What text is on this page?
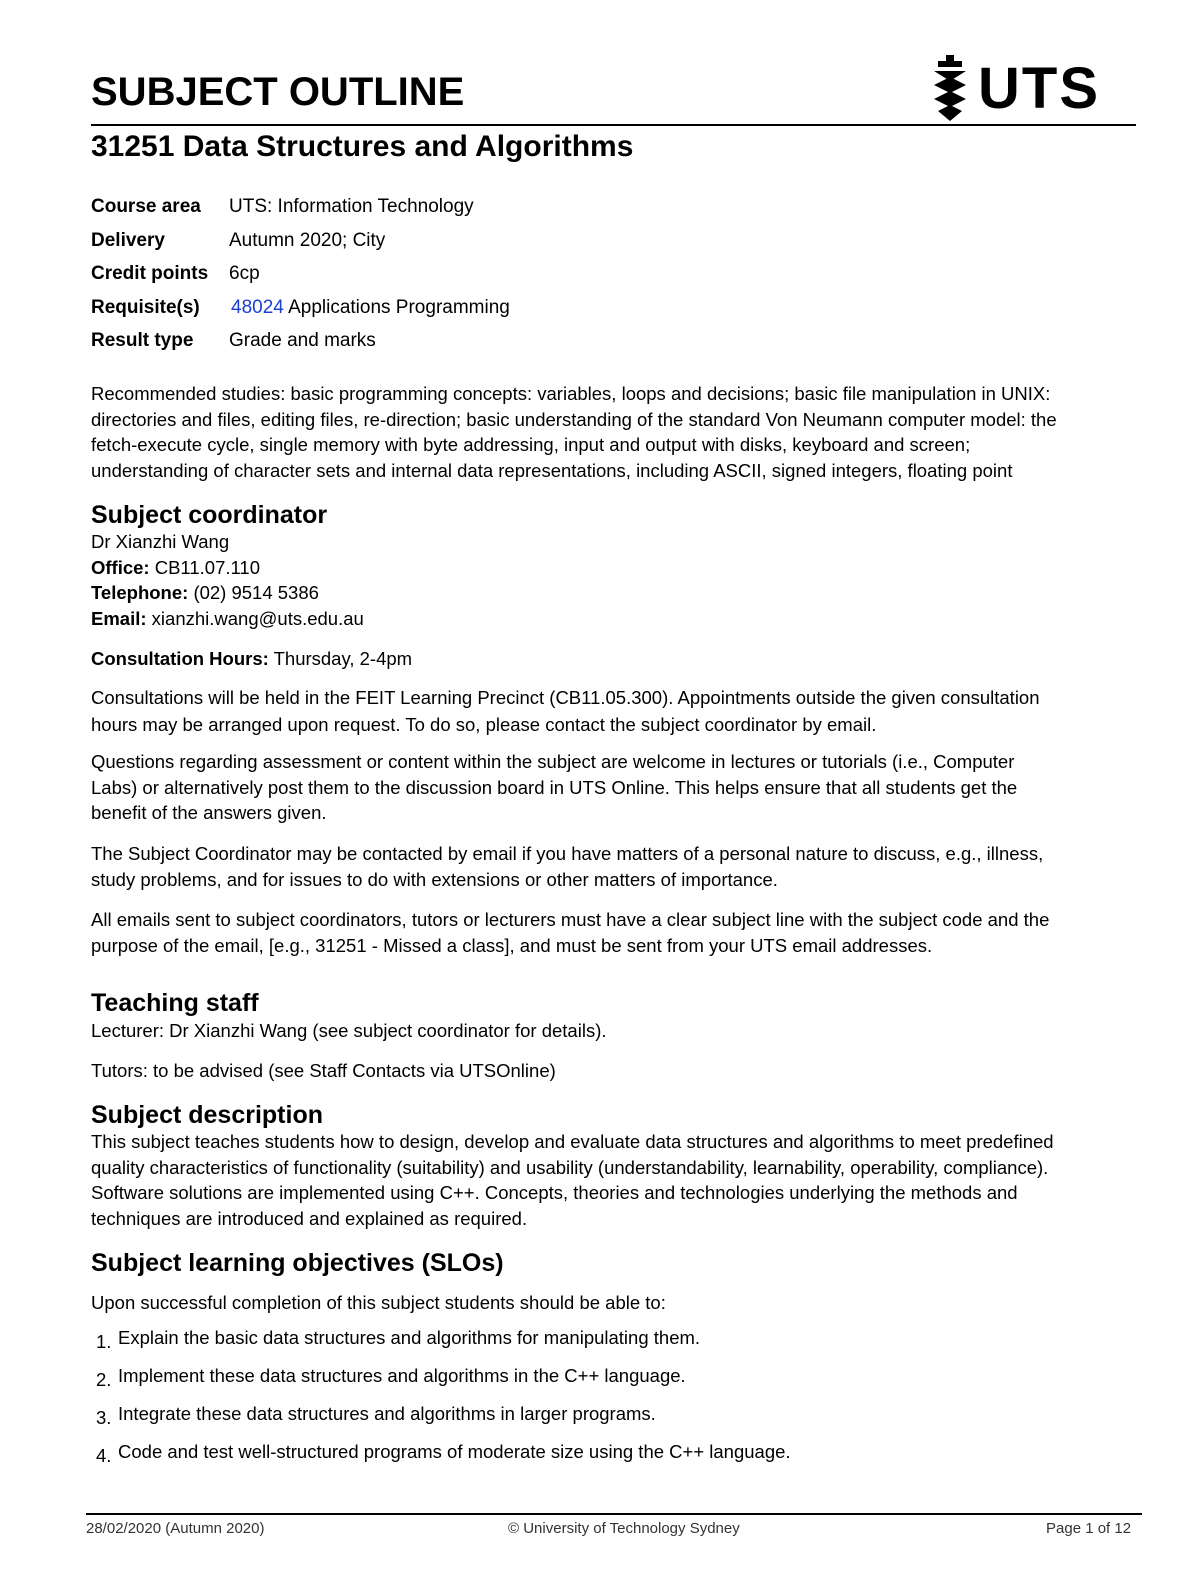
SUBJECT OUTLINE	UTS
31251 Data Structures and Algorithms
Course area	UTS: Information Technology
Delivery	Autumn 2020; City
Credit points	6cp
Requisite(s)	48024 Applications Programming
Result type	Grade and marks
Recommended studies: basic programming concepts: variables, loops and decisions; basic file manipulation in UNIX:
directories and files, editing files, re-direction; basic understanding of the standard Von Neumann computer model: the
fetch-execute cycle, single memory with byte addressing, input and output with disks, keyboard and screen;
understanding of character sets and internal data representations, including ASCII, signed integers, floating point
Subject coordinator
Dr Xianzhi Wang
Office: CB11.07.110
Telephone: (02) 9514 5386
Email: xianzhi.wang@uts.edu.au
Consultation Hours: Thursday, 2-4pm
Consultations will be held in the FEIT Learning Precinct (CB11.05.300). Appointments outside the given consultation
hours may be arranged upon request. To do so, please contact the subject coordinator by email.
Questions regarding assessment or content within the subject are welcome in lectures or tutorials (i.e., Computer
Labs) or alternatively post them to the discussion board in UTS Online. This helps ensure that all students get the
benefit of the answers given.
The Subject Coordinator may be contacted by email if you have matters of a personal nature to discuss, e.g., illness,
study problems, and for issues to do with extensions or other matters of importance.
All emails sent to subject coordinators, tutors or lecturers must have a clear subject line with the subject code and the
purpose of the email, [e.g., 31251 - Missed a class], and must be sent from your UTS email addresses.
Teaching staff
Lecturer: Dr Xianzhi Wang (see subject coordinator for details).
Tutors: to be advised (see Staff Contacts via UTSOnline)
Subject description
This subject teaches students how to design, develop and evaluate data structures and algorithms to meet predefined
quality characteristics of functionality (suitability) and usability (understandability, learnability, operability, compliance).
Software solutions are implemented using C++. Concepts, theories and technologies underlying the methods and
techniques are introduced and explained as required.
Subject learning objectives (SLOs)
Upon successful completion of this subject students should be able to:
1. Explain the basic data structures and algorithms for manipulating them.
2. Implement these data structures and algorithms in the C++ language.
3. Integrate these data structures and algorithms in larger programs.
4. Code and test well-structured programs of moderate size using the C++ language.
28/02/2020 (Autumn 2020)	© University of Technology Sydney	Page 1 of 12
